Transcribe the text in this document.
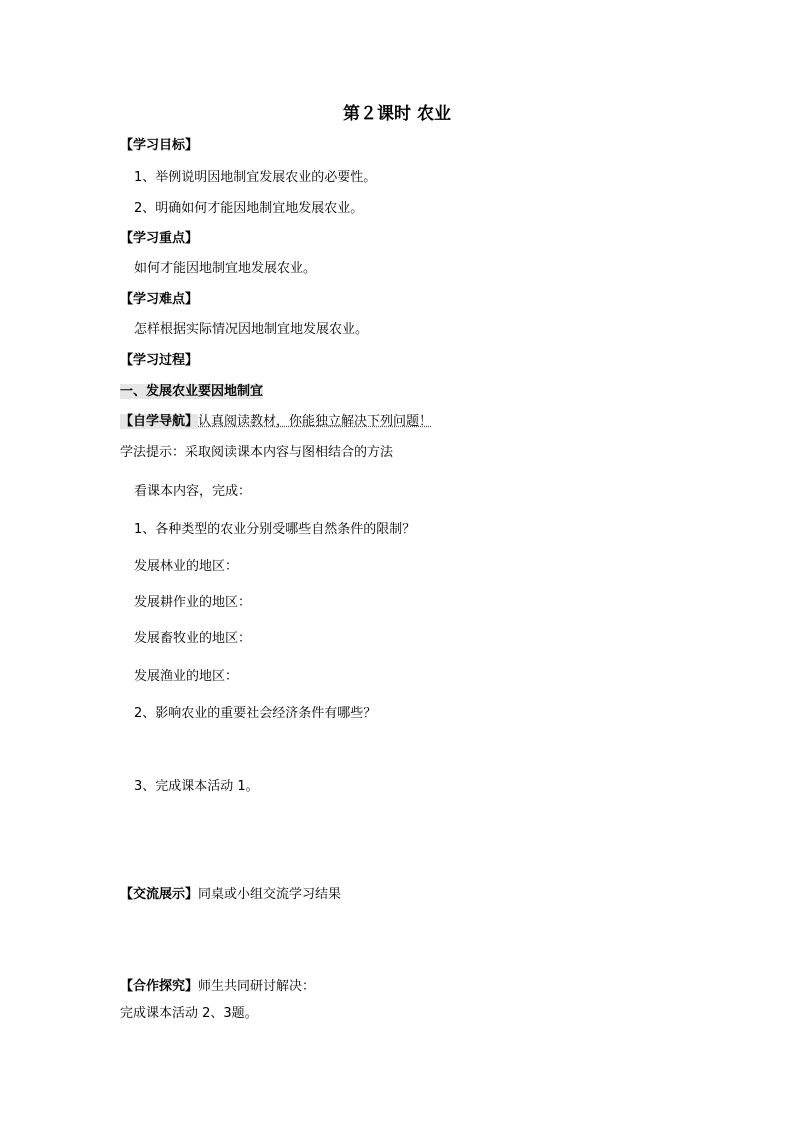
第２课时 农业
【学习目标】
1、举例说明因地制宜发展农业的必要性。
2、明确如何才能因地制宜地发展农业。
【学习重点】
如何才能因地制宜地发展农业。
【学习难点】
怎样根据实际情况因地制宜地发展农业。
【学习过程】
一、发展农业要因地制宜
【自学导航】认真阅读教材，你能独立解决下列问题！
学法提示：采取阅读课本内容与图相结合的方法
看课本内容，完成：
1、各种类型的农业分别受哪些自然条件的限制？
发展林业的地区：
发展耕作业的地区：
发展畜牧业的地区：
发展渔业的地区：
2、影响农业的重要社会经济条件有哪些？
3、完成课本活动 1。
【交流展示】同桌或小组交流学习结果
【合作探究】师生共同研讨解决：
完成课本活动 2、3题。
